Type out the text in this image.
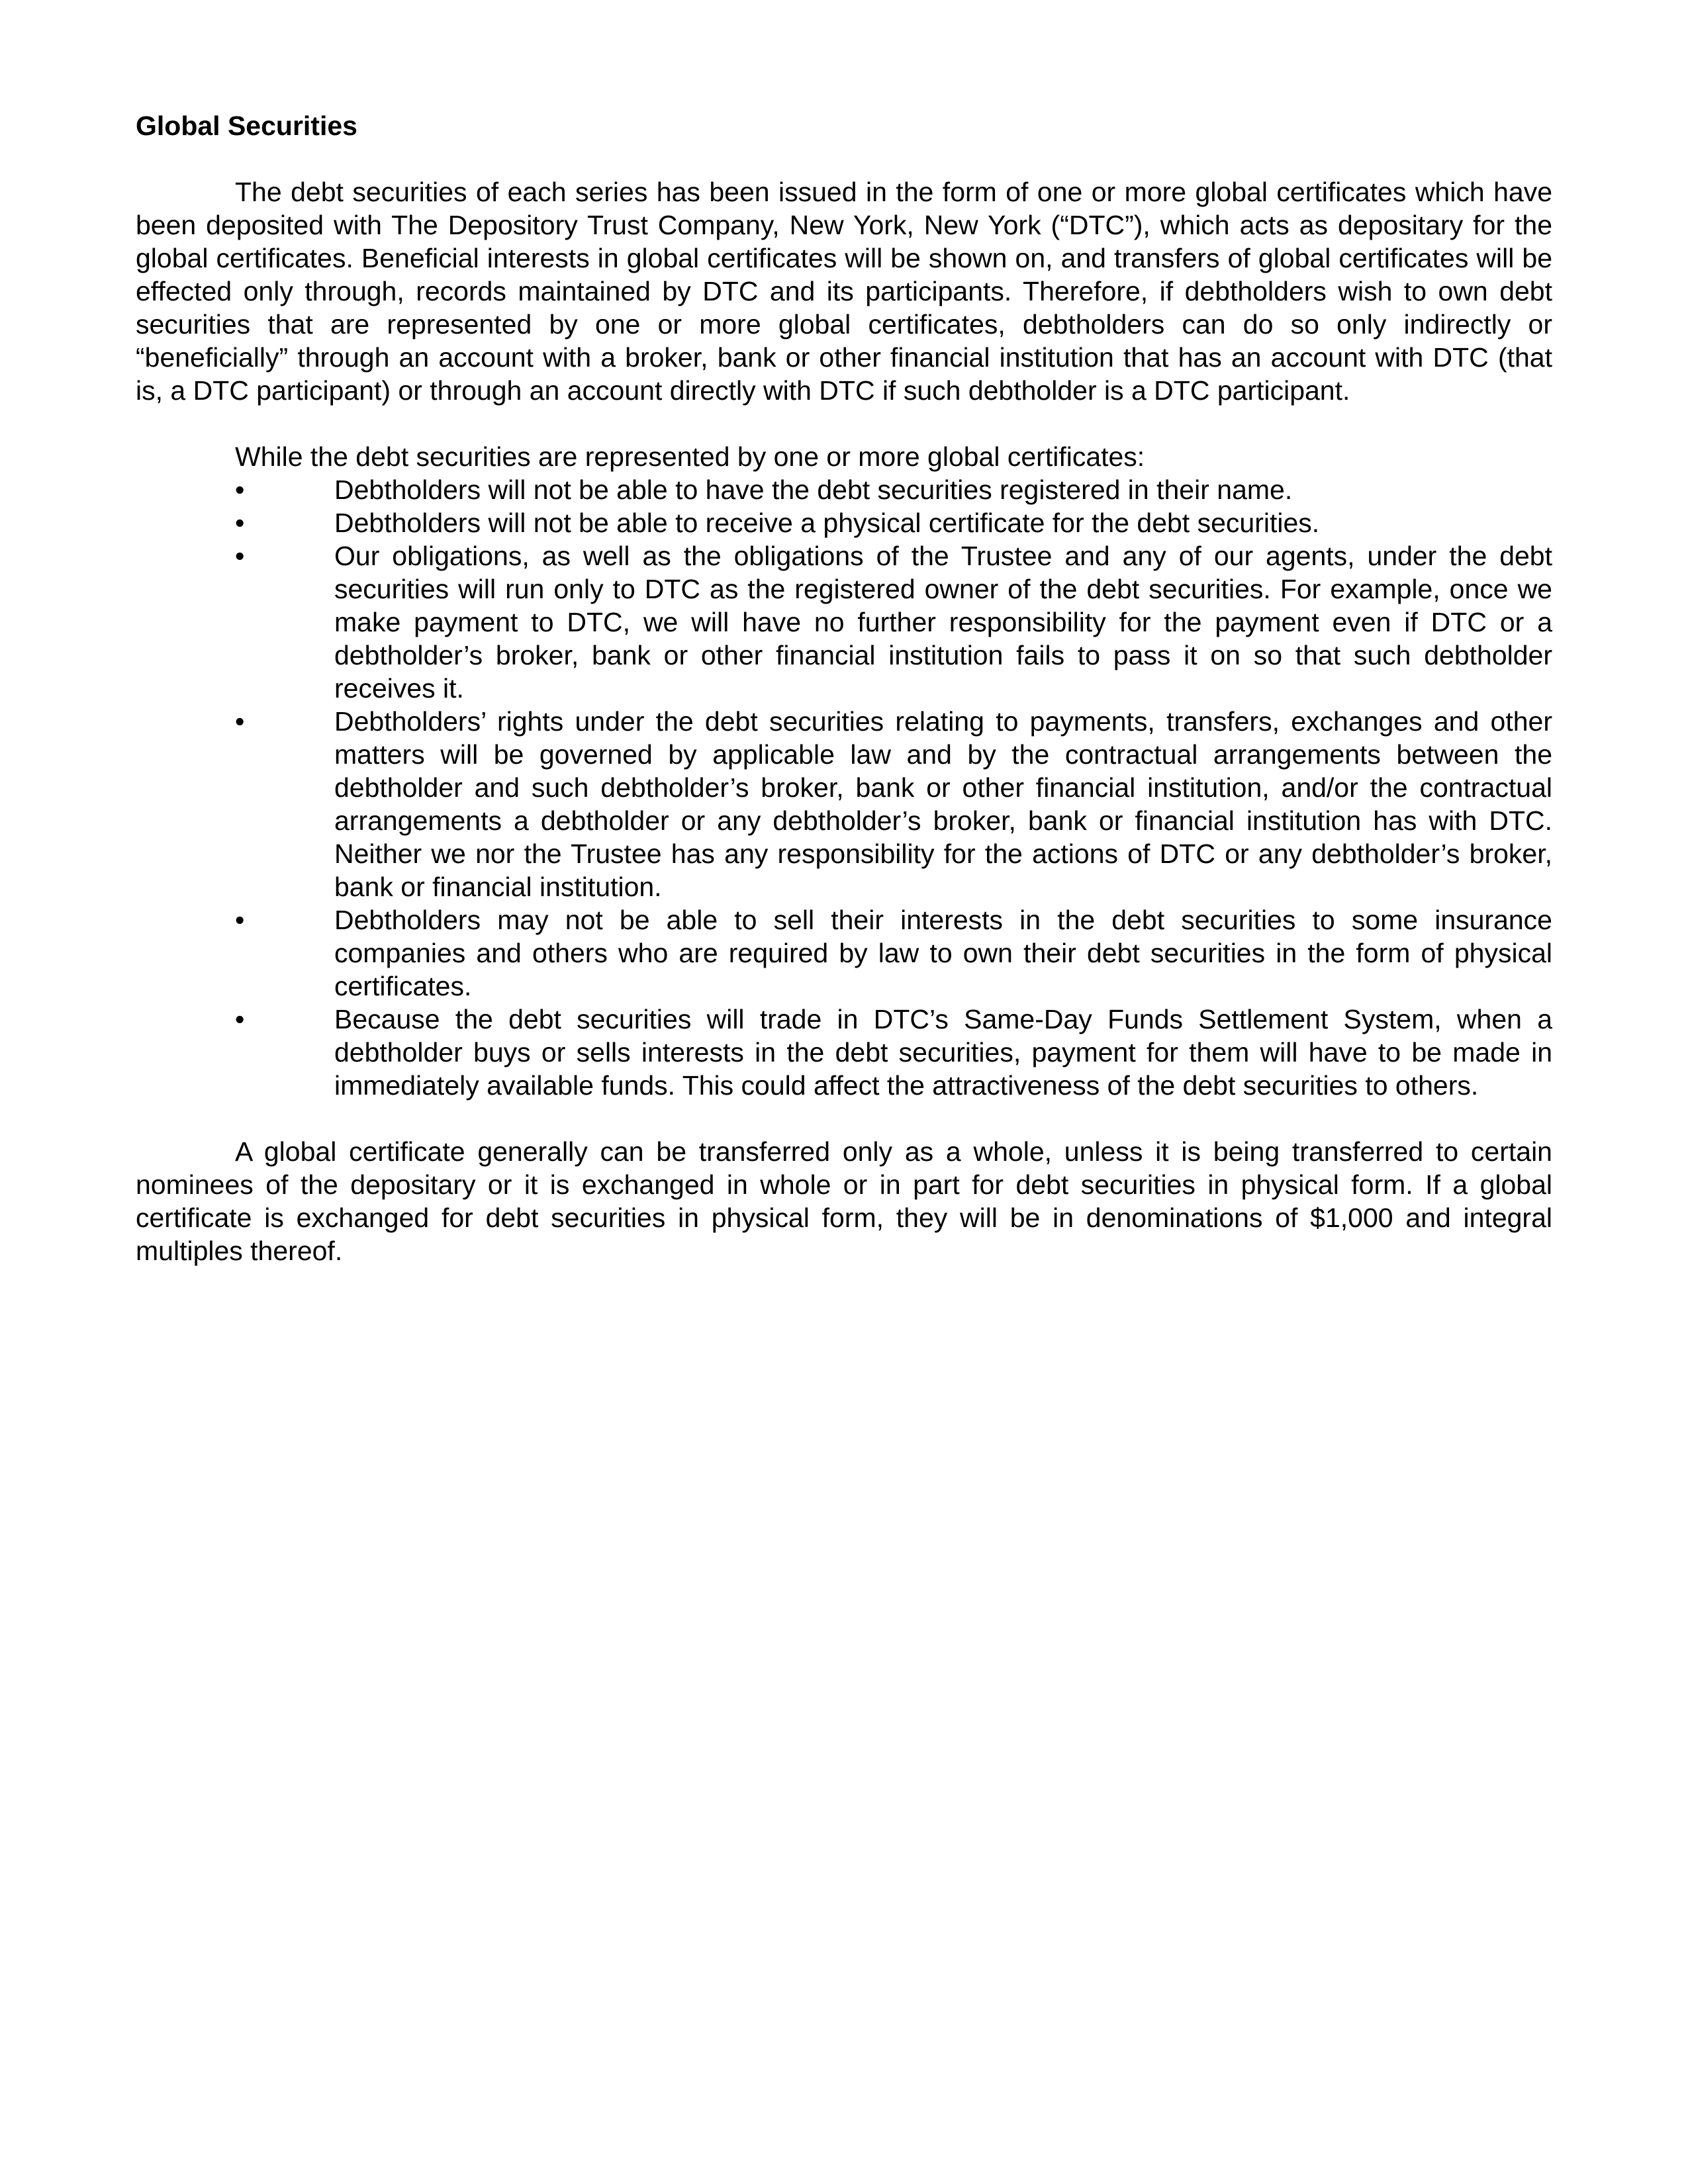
Global Securities

The debt securities of each series has been issued in the form of one or more global certificates which have been deposited with The Depository Trust Company, New York, New York (“DTC”), which acts as depositary for the global certificates. Beneficial interests in global certificates will be shown on, and transfers of global certificates will be effected only through, records maintained by DTC and its participants. Therefore, if debtholders wish to own debt securities that are represented by one or more global certificates, debtholders can do so only indirectly or “beneficially” through an account with a broker, bank or other financial institution that has an account with DTC (that is, a DTC participant) or through an account directly with DTC if such debtholder is a DTC participant.

While the debt securities are represented by one or more global certificates:

•	Debtholders will not be able to have the debt securities registered in their name.
•	Debtholders will not be able to receive a physical certificate for the debt securities.
•	Our obligations, as well as the obligations of the Trustee and any of our agents, under the debt securities will run only to DTC as the registered owner of the debt securities. For example, once we make payment to DTC, we will have no further responsibility for the payment even if DTC or a debtholder’s broker, bank or other financial institution fails to pass it on so that such debtholder receives it.
•	Debtholders’ rights under the debt securities relating to payments, transfers, exchanges and other matters will be governed by applicable law and by the contractual arrangements between the debtholder and such debtholder’s broker, bank or other financial institution, and/or the contractual arrangements a debtholder or any debtholder’s broker, bank or financial institution has with DTC. Neither we nor the Trustee has any responsibility for the actions of DTC or any debtholder’s broker, bank or financial institution.
•	Debtholders may not be able to sell their interests in the debt securities to some insurance companies and others who are required by law to own their debt securities in the form of physical certificates.
•	Because the debt securities will trade in DTC’s Same-Day Funds Settlement System, when a debtholder buys or sells interests in the debt securities, payment for them will have to be made in immediately available funds. This could affect the attractiveness of the debt securities to others.

A global certificate generally can be transferred only as a whole, unless it is being transferred to certain nominees of the depositary or it is exchanged in whole or in part for debt securities in physical form. If a global certificate is exchanged for debt securities in physical form, they will be in denominations of $1,000 and integral multiples thereof.
